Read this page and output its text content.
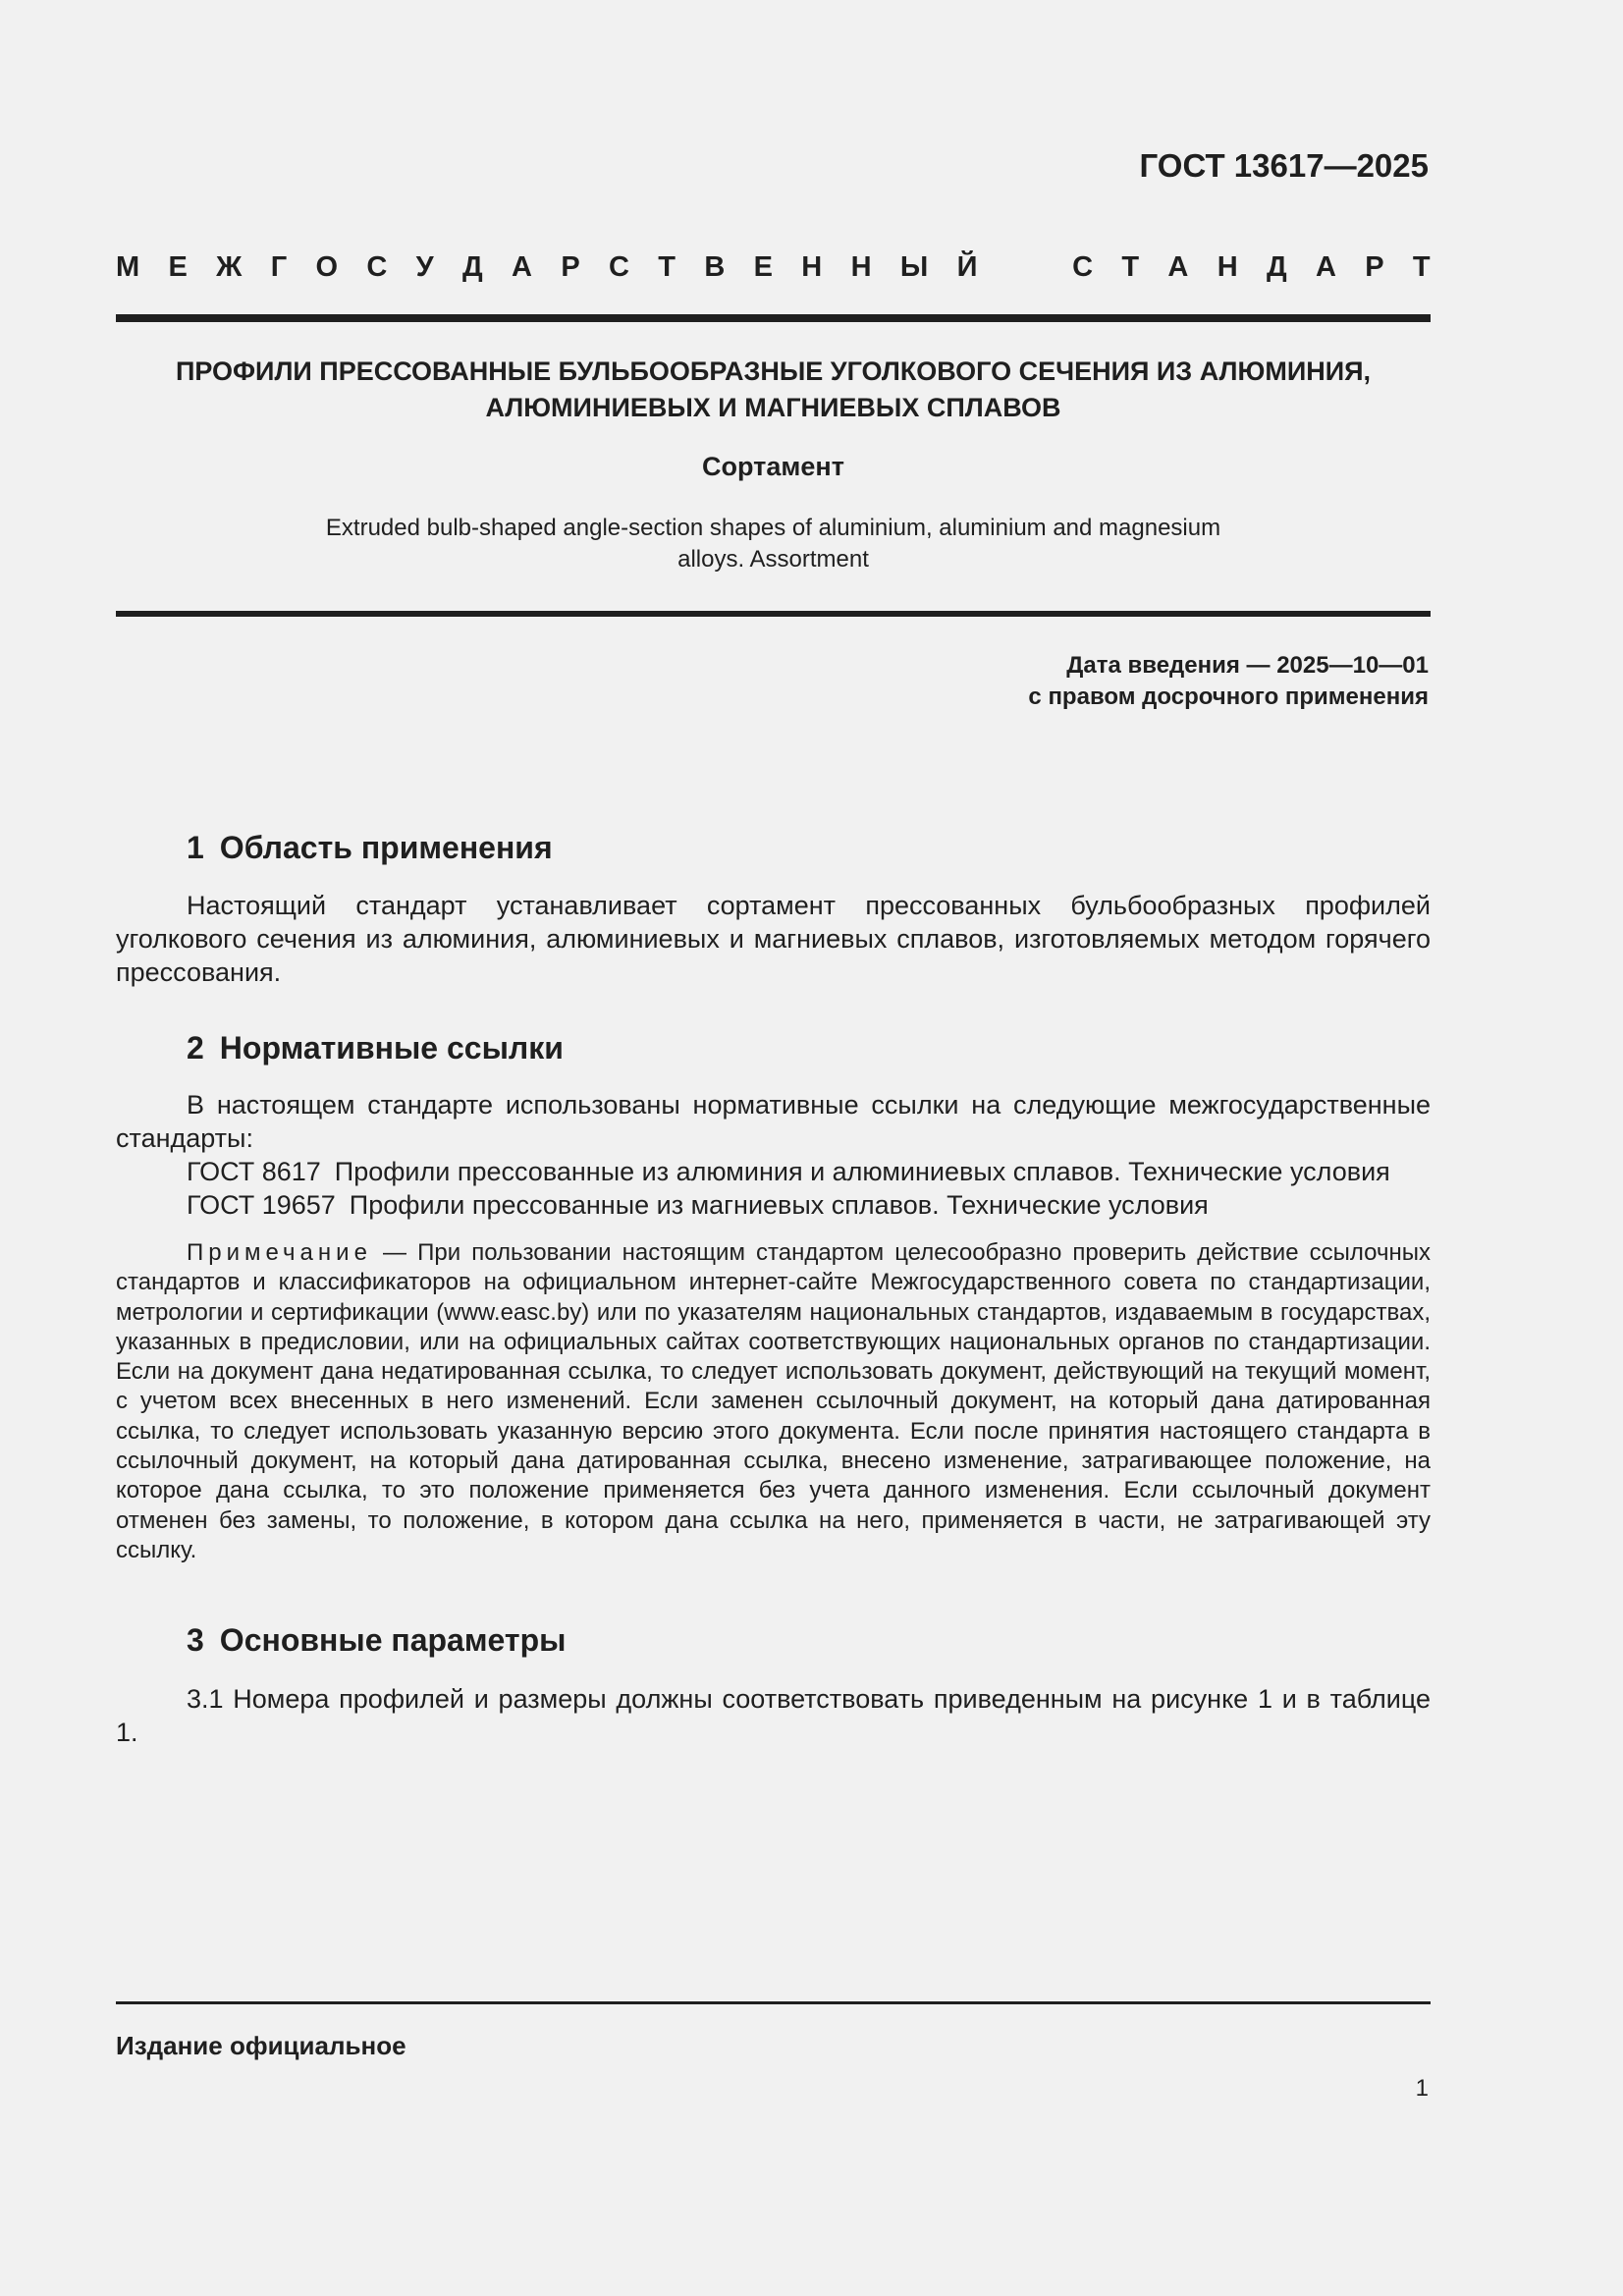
ГОСТ 13617—2025
М Е Ж Г О С У Д А Р С Т В Е Н Н Ы Й	С Т А Н Д А Р Т
ПРОФИЛИ ПРЕССОВАННЫЕ БУЛЬБООБРАЗНЫЕ УГОЛКОВОГО СЕЧЕНИЯ ИЗ АЛЮМИНИЯ,
АЛЮМИНИЕВЫХ И МАГНИЕВЫХ СПЛАВОВ
Сортамент
Extruded bulb-shaped angle-section shapes of aluminium, aluminium and magnesium
alloys. Assortment
Дата введения — 2025—10—01
с правом досрочного применения
1 Область применения
Настоящий стандарт устанавливает сортамент прессованных бульбообразных профилей уголкового сечения из алюминия, алюминиевых и магниевых сплавов, изготовляемых методом горячего прессования.
2 Нормативные ссылки
В настоящем стандарте использованы нормативные ссылки на следующие межгосударственные стандарты:
ГОСТ 8617 Профили прессованные из алюминия и алюминиевых сплавов. Технические условия
ГОСТ 19657 Профили прессованные из магниевых сплавов. Технические условия
Примечание — При пользовании настоящим стандартом целесообразно проверить действие ссылочных стандартов и классификаторов на официальном интернет-сайте Межгосударственного совета по стандартизации, метрологии и сертификации (www.easc.by) или по указателям национальных стандартов, издаваемым в государствах, указанных в предисловии, или на официальных сайтах соответствующих национальных органов по стандартизации. Если на документ дана недатированная ссылка, то следует использовать документ, действующий на текущий момент, с учетом всех внесенных в него изменений. Если заменен ссылочный документ, на который дана датированная ссылка, то следует использовать указанную версию этого документа. Если после принятия настоящего стандарта в ссылочный документ, на который дана датированная ссылка, внесено изменение, затрагивающее положение, на которое дана ссылка, то это положение применяется без учета данного изменения. Если ссылочный документ отменен без замены, то положение, в котором дана ссылка на него, применяется в части, не затрагивающей эту ссылку.
3 Основные параметры
3.1 Номера профилей и размеры должны соответствовать приведенным на рисунке 1 и в таблице 1.
Издание официальное
1
